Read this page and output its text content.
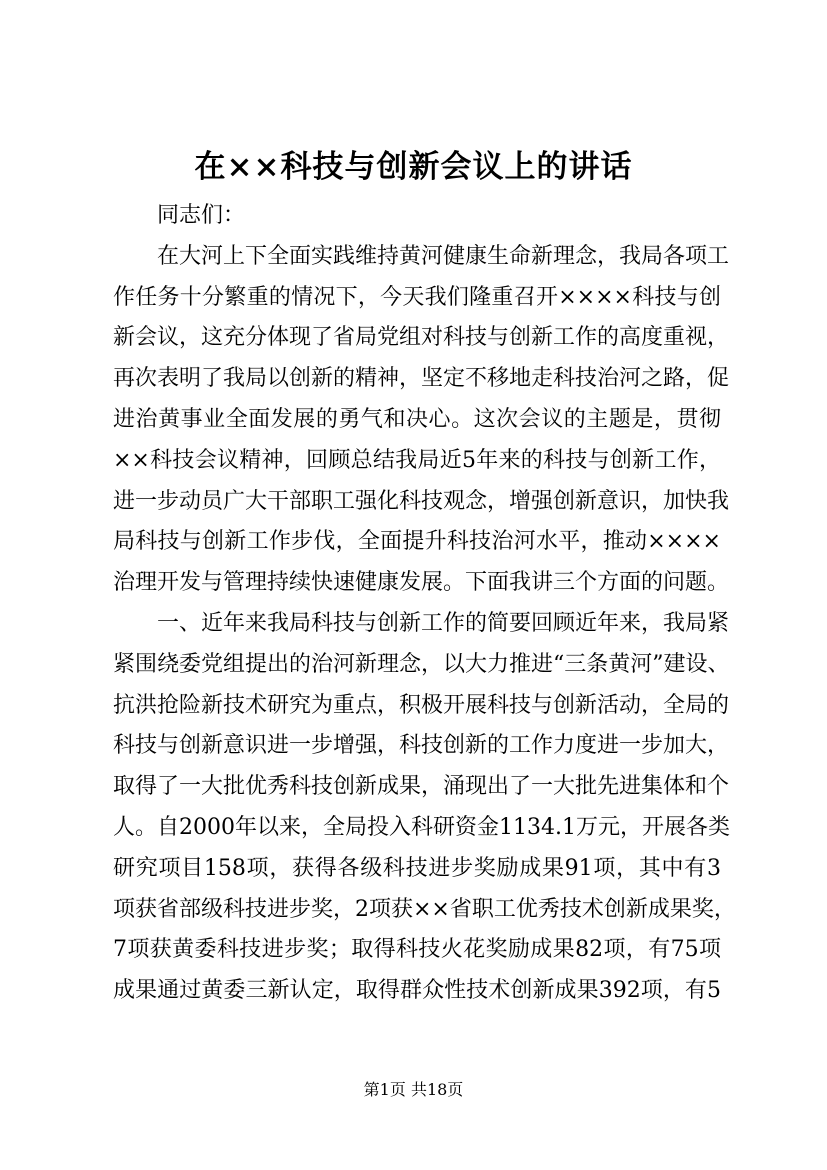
在××科技与创新会议上的讲话
同志们：
在大河上下全面实践维持黄河健康生命新理念，我局各项工
作任务十分繁重的情况下，今天我们隆重召开××××科技与创
新会议，这充分体现了省局党组对科技与创新工作的高度重视，
再次表明了我局以创新的精神，坚定不移地走科技治河之路，促
进治黄事业全面发展的勇气和决心。这次会议的主题是，贯彻
××科技会议精神，回顾总结我局近5年来的科技与创新工作，
进一步动员广大干部职工强化科技观念，增强创新意识，加快我
局科技与创新工作步伐，全面提升科技治河水平，推动××××
治理开发与管理持续快速健康发展。下面我讲三个方面的问题。
一、近年来我局科技与创新工作的简要回顾近年来，我局紧
紧围绕委党组提出的治河新理念，以大力推进“三条黄河”建设、
抗洪抢险新技术研究为重点，积极开展科技与创新活动，全局的
科技与创新意识进一步增强，科技创新的工作力度进一步加大，
取得了一大批优秀科技创新成果，涌现出了一大批先进集体和个
人。自2000年以来，全局投入科研资金1134.1万元，开展各类
研究项目158项，获得各级科技进步奖励成果91项，其中有3
项获省部级科技进步奖，2项获××省职工优秀技术创新成果奖，
7项获黄委科技进步奖；取得科技火花奖励成果82项，有75项
成果通过黄委三新认定，取得群众性技术创新成果392项，有5
第1页 共18页
